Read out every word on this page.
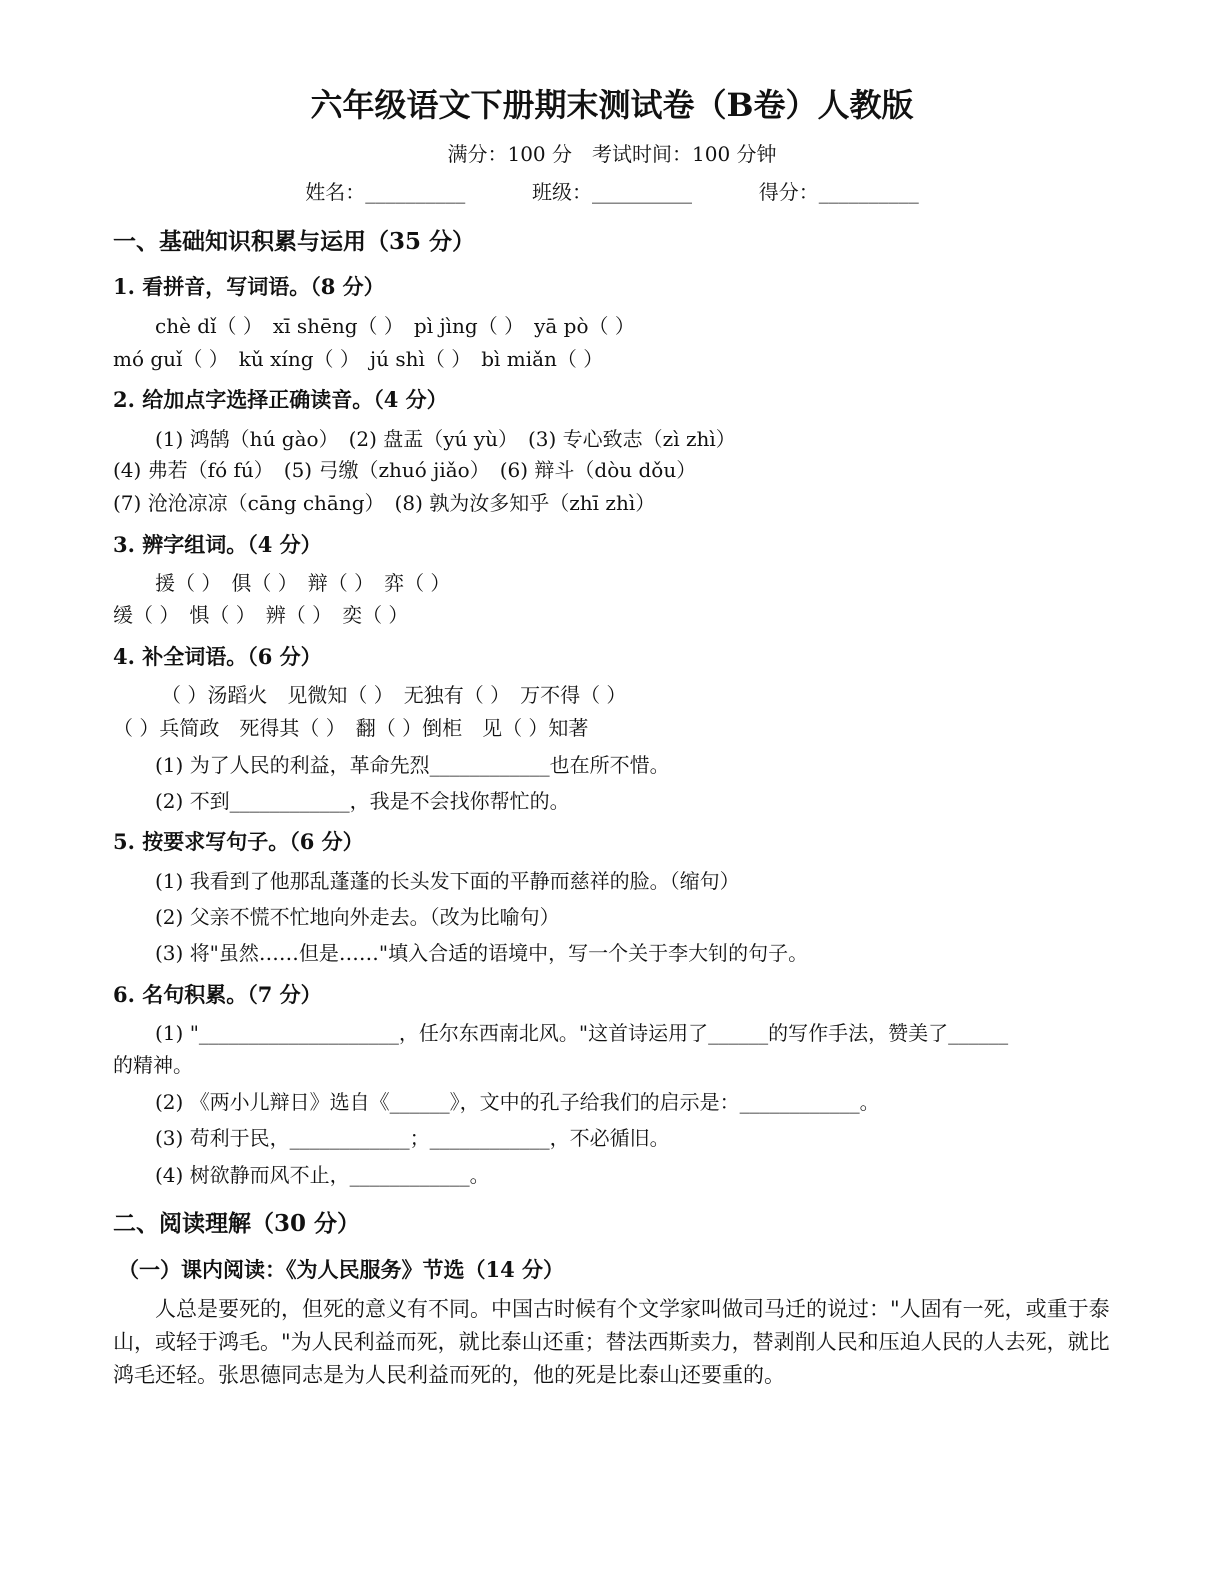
六年级语文下册期末测试卷（B卷）人教版
满分：100 分　考试时间：100 分钟
姓名：__________	班级：__________	得分：__________
一、基础知识积累与运用（35 分）
1. 看拼音，写词语。（8 分）
chè dǐ（ ）　xī shēng（ ）　pì jìng（ ）　yā pò（ ）
mó guǐ（ ）　kǔ xíng（ ）　jú shì（ ）　bì miǎn（ ）
2. 给加点字选择正确读音。（4 分）
(1) 鸿鹄（hú gào）　(2) 盘盂（yú yù）　(3) 专心致志（zì zhì）
(4) 弗若（fó fú）　(5) 弓缴（zhuó jiǎo）　(6) 辩斗（dòu dǒu）
(7) 沧沧凉凉（cāng chāng）　(8) 孰为汝多知乎（zhī zhì）
3. 辨字组词。（4 分）
援（ ）　俱（ ）　辩（ ）　弈（ ）
缓（ ）　惧（ ）　辨（ ）　奕（ ）
4. 补全词语。（6 分）
（ ）汤蹈火　见微知（ ）　无独有（ ）　万不得（ ）
（ ）兵简政　死得其（ ）　翻（ ）倒柜　见（ ）知著
(1) 为了人民的利益，革命先烈____________也在所不惜。
(2) 不到____________，我是不会找你帮忙的。
5. 按要求写句子。（6 分）
(1) 我看到了他那乱蓬蓬的长头发下面的平静而慈祥的脸。（缩句）
(2) 父亲不慌不忙地向外走去。（改为比喻句）
(3) 将"虽然……但是……"填入合适的语境中，写一个关于李大钊的句子。
6. 名句积累。（7 分）
(1) "____________________，任尔东西南北风。"这首诗运用了______的写作手法，赞美了______
的精神。
(2) 《两小儿辩日》选自《______》，文中的孔子给我们的启示是：____________。
(3) 苟利于民，____________；____________，不必循旧。
(4) 树欲静而风不止，____________。
二、阅读理解（30 分）
（一）课内阅读：《为人民服务》节选（14 分）
人总是要死的，但死的意义有不同。中国古时候有个文学家叫做司马迁的说过："人固有一死，或重于泰山，或轻于鸿毛。"为人民利益而死，就比泰山还重；替法西斯卖力，替剥削人民和压迫人民的人去死，就比鸿毛还轻。张思德同志是为人民利益而死的，他的死是比泰山还要重的。
